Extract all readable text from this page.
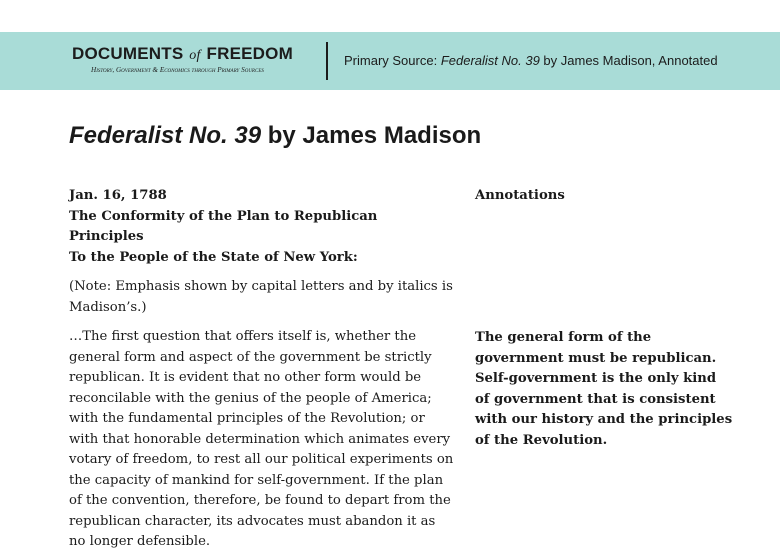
DOCUMENTS of FREEDOM
History, Government & Economics through Primary Sources
Primary Source: Federalist No. 39 by James Madison, Annotated
Federalist No. 39 by James Madison
Jan. 16, 1788
The Conformity of the Plan to Republican Principles
To the People of the State of New York:

(Note: Emphasis shown by capital letters and by italics is Madison’s.)

…The first question that offers itself is, whether the general form and aspect of the government be strictly republican. It is evident that no other form would be reconcilable with the genius of the people of America; with the fundamental principles of the Revolution; or with that honorable determination which animates every votary of freedom, to rest all our political experiments on the capacity of mankind for self-government. If the plan of the convention, therefore, be found to depart from the republican character, its advocates must abandon it as no longer defensible.

Annotations

The general form of the government must be republican. Self-government is the only kind of government that is consistent with our history and the principles of the Revolution.
